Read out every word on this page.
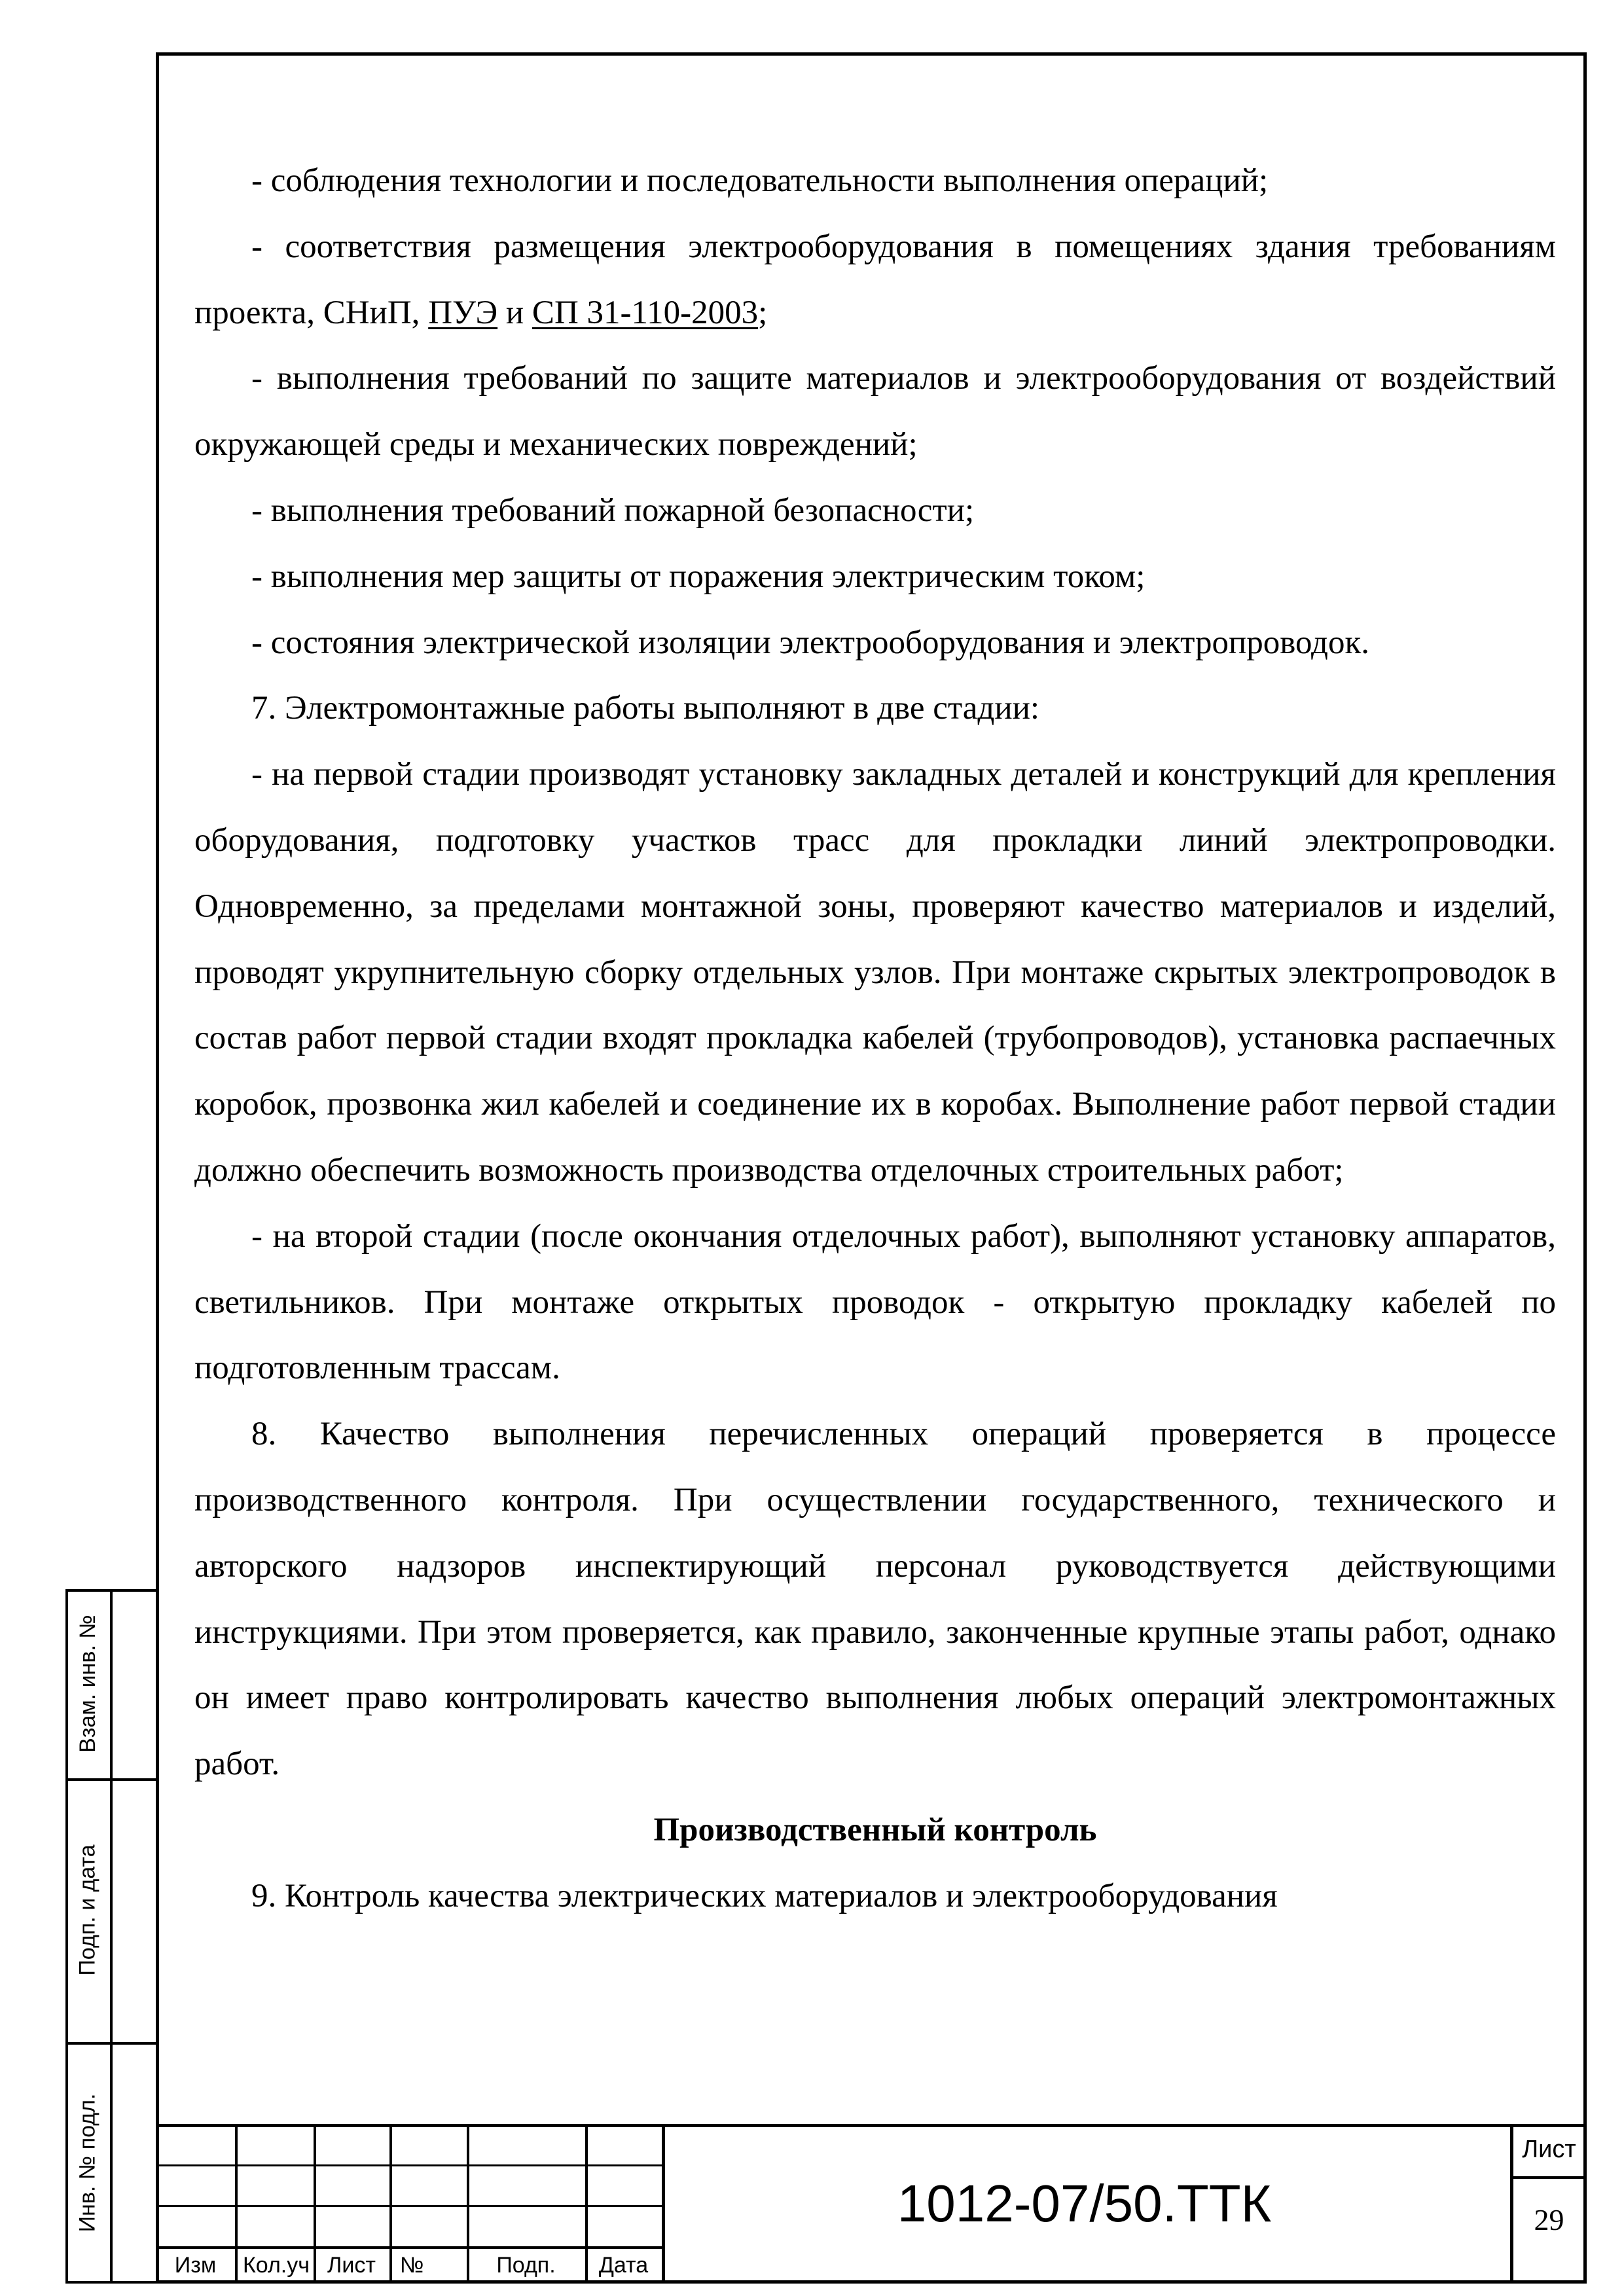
- соблюдения технологии и последовательности выполнения операций;

- соответствия размещения электрооборудования в помещениях здания требованиям проекта, СНиП, ПУЭ и СП 31-110-2003;

- выполнения требований по защите материалов и электрооборудования от воздействий окружающей среды и механических повреждений;

- выполнения требований пожарной безопасности;

- выполнения мер защиты от поражения электрическим током;

- состояния электрической изоляции электрооборудования и электропроводок.

7. Электромонтажные работы выполняют в две стадии:

- на первой стадии производят установку закладных деталей и конструкций для крепления оборудования, подготовку участков трасс для прокладки линий электропроводки. Одновременно, за пределами монтажной зоны, проверяют качество материалов и изделий, проводят укрупнительную сборку отдельных узлов. При монтаже скрытых электропроводок в состав работ первой стадии входят прокладка кабелей (трубопроводов), установка распаечных коробок, прозвонка жил кабелей и соединение их в коробах. Выполнение работ первой стадии должно обеспечить возможность производства отделочных строительных работ;

- на второй стадии (после окончания отделочных работ), выполняют установку аппаратов, светильников. При монтаже открытых проводок - открытую прокладку кабелей по подготовленным трассам.

8. Качество выполнения перечисленных операций проверяется в процессе производственного контроля. При осуществлении государственного, технического и авторского надзоров инспектирующий персонал руководствуется действующими инструкциями. При этом проверяется, как правило, законченные крупные этапы работ, однако он имеет право контролировать качество выполнения любых операций электромонтажных работ.

Производственный контроль

9. Контроль качества электрических материалов и электрооборудования

Взам. инв. №
Подп. и дата
Инв. № подл.
Изм	Кол.уч Лист	№	Подп.	Дата
1012-07/50.ТТК
Лист
29
